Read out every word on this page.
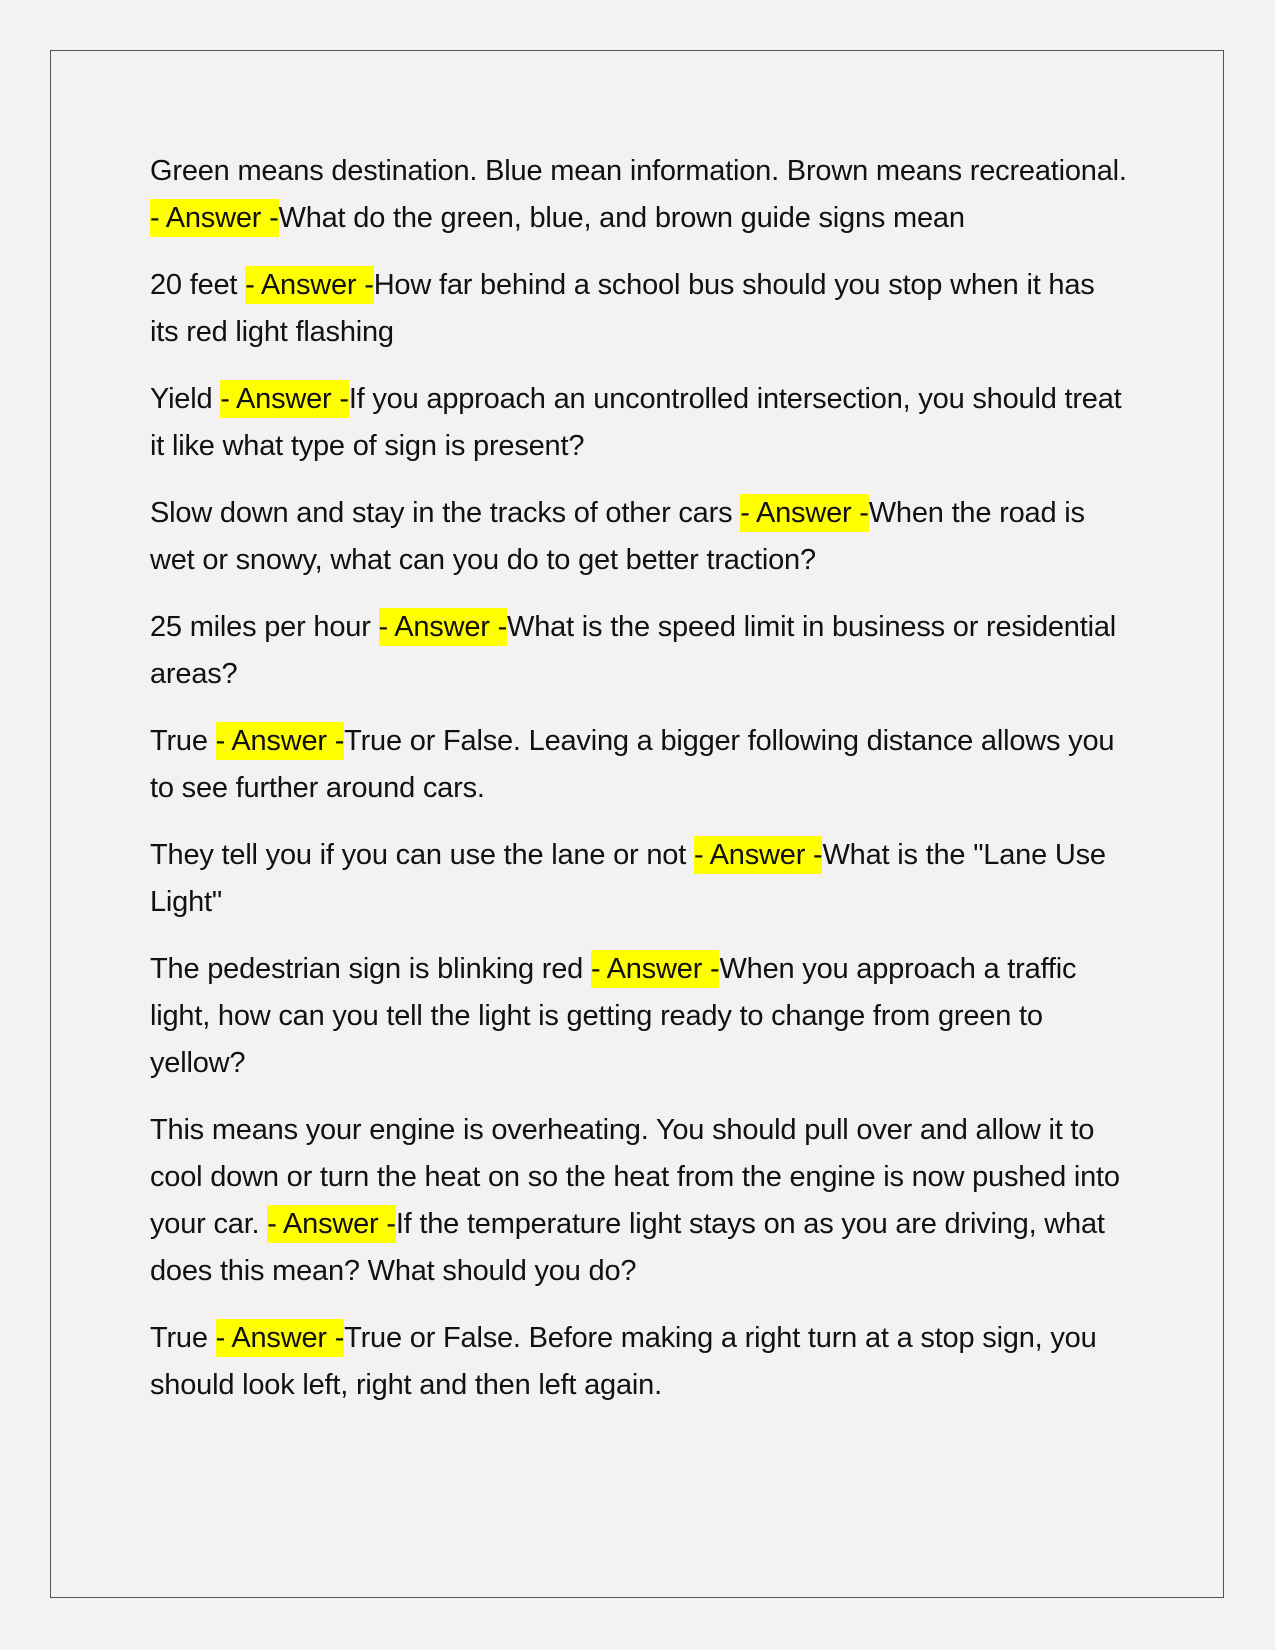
Green means destination. Blue mean information. Brown means recreational. - Answer -What do the green, blue, and brown guide signs mean

20 feet - Answer -How far behind a school bus should you stop when it has its red light flashing

Yield - Answer -If you approach an uncontrolled intersection, you should treat it like what type of sign is present?

Slow down and stay in the tracks of other cars - Answer -When the road is wet or snowy, what can you do to get better traction?

25 miles per hour - Answer -What is the speed limit in business or residential areas?

True - Answer -True or False. Leaving a bigger following distance allows you to see further around cars.

They tell you if you can use the lane or not - Answer -What is the "Lane Use Light"

The pedestrian sign is blinking red - Answer -When you approach a traffic light, how can you tell the light is getting ready to change from green to yellow?

This means your engine is overheating. You should pull over and allow it to cool down or turn the heat on so the heat from the engine is now pushed into your car. - Answer -If the temperature light stays on as you are driving, what does this mean? What should you do?

True - Answer -True or False. Before making a right turn at a stop sign, you should look left, right and then left again.
